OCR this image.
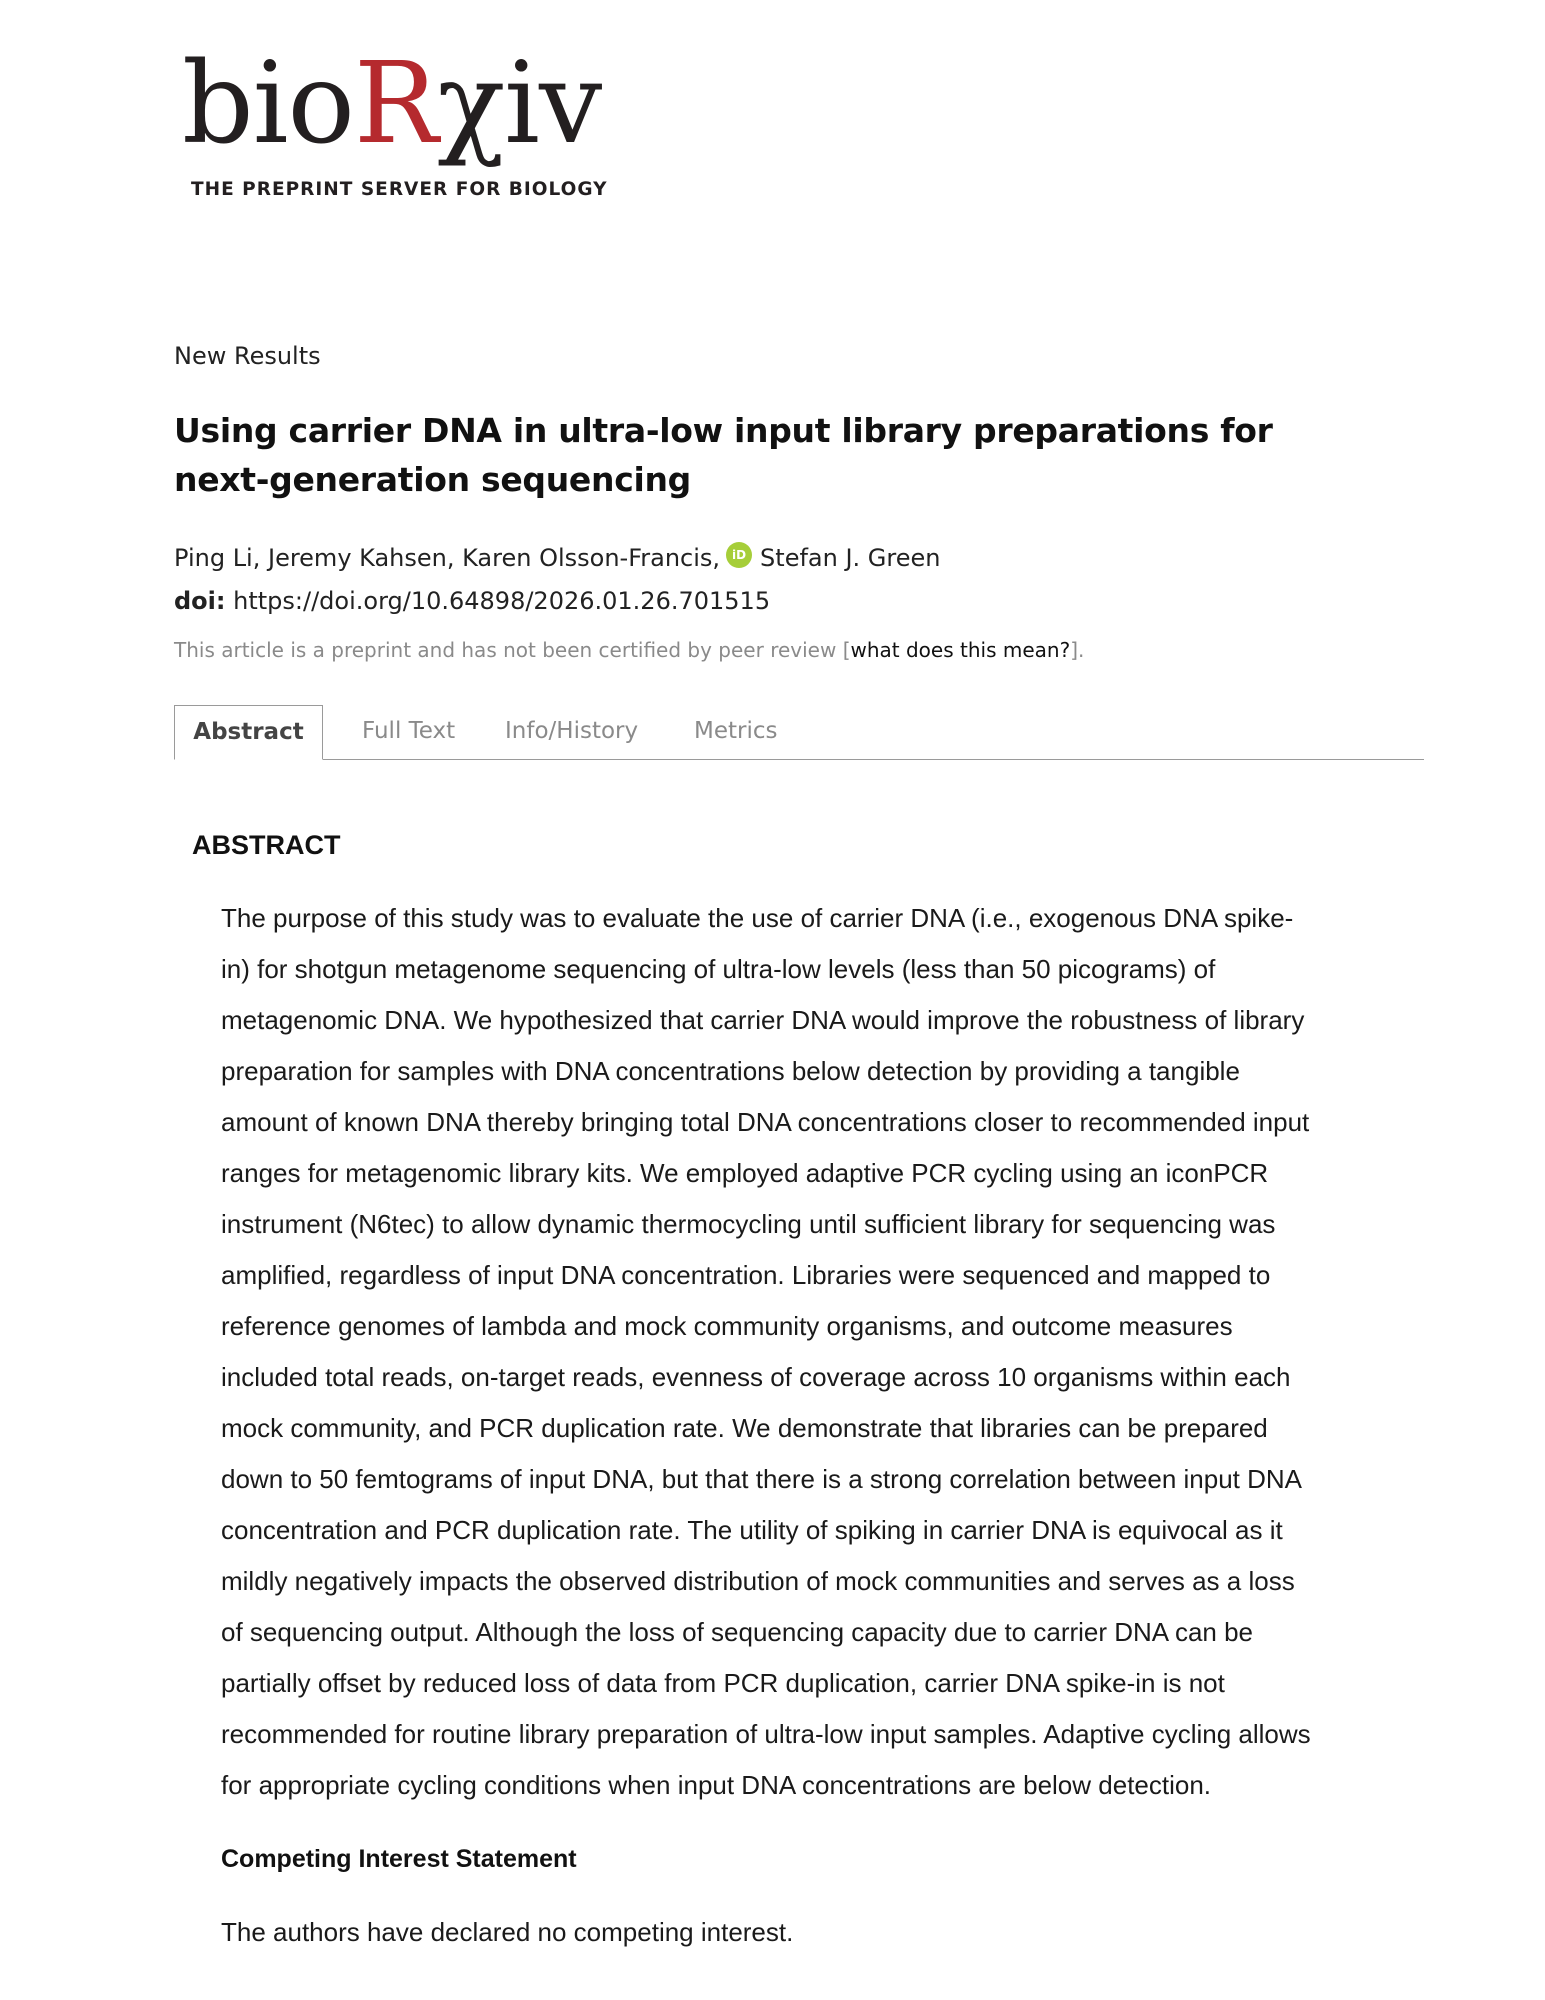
bioRχiv
THE PREPRINT SERVER FOR BIOLOGY
New Results
Using carrier DNA in ultra-low input library preparations for next-generation sequencing
Ping Li, Jeremy Kahsen, Karen Olsson-Francis, iD Stefan J. Green
doi: https://doi.org/10.64898/2026.01.26.701515
This article is a preprint and has not been certified by peer review [what does this mean?].
Abstract	Full Text Info/History Metrics
ABSTRACT

The purpose of this study was to evaluate the use of carrier DNA (i.e., exogenous DNA spike-
in) for shotgun metagenome sequencing of ultra-low levels (less than 50 picograms) of
metagenomic DNA. We hypothesized that carrier DNA would improve the robustness of library
preparation for samples with DNA concentrations below detection by providing a tangible
amount of known DNA thereby bringing total DNA concentrations closer to recommended input
ranges for metagenomic library kits. We employed adaptive PCR cycling using an iconPCR
instrument (N6tec) to allow dynamic thermocycling until sufficient library for sequencing was
amplified, regardless of input DNA concentration. Libraries were sequenced and mapped to
reference genomes of lambda and mock community organisms, and outcome measures
included total reads, on-target reads, evenness of coverage across 10 organisms within each
mock community, and PCR duplication rate. We demonstrate that libraries can be prepared
down to 50 femtograms of input DNA, but that there is a strong correlation between input DNA
concentration and PCR duplication rate. The utility of spiking in carrier DNA is equivocal as it
mildly negatively impacts the observed distribution of mock communities and serves as a loss
of sequencing output. Although the loss of sequencing capacity due to carrier DNA can be
partially offset by reduced loss of data from PCR duplication, carrier DNA spike-in is not
recommended for routine library preparation of ultra-low input samples. Adaptive cycling allows
for appropriate cycling conditions when input DNA concentrations are below detection.

Competing Interest Statement
The authors have declared no competing interest.
